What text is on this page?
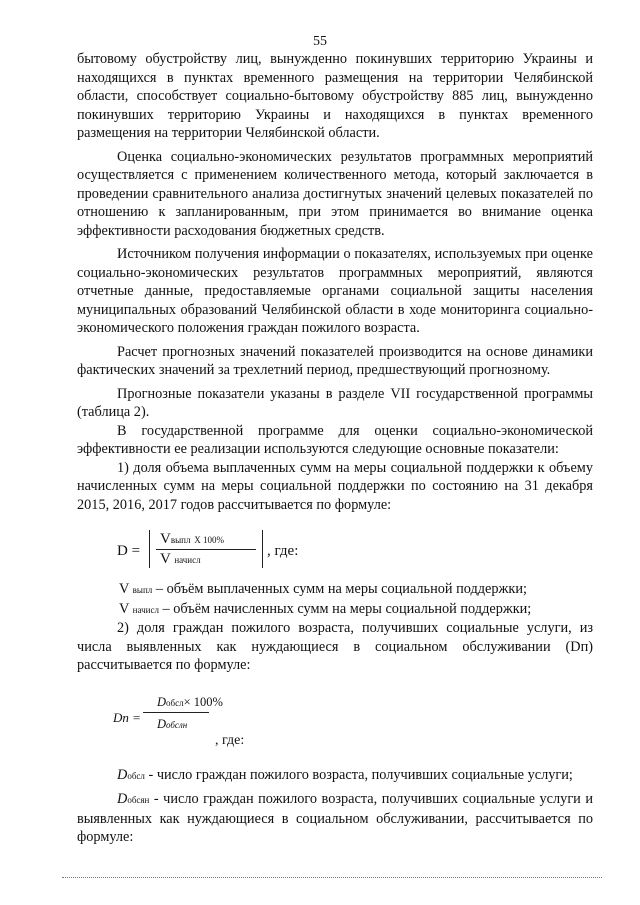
55

бытовому обустройству лиц, вынужденно покинувших территорию Украины и находящихся в пунктах временного размещения на территории Челябинской области, способствует социально-бытовому обустройству 885 лиц, вынужденно покинувших территорию Украины и находящихся в пунктах временного размещения на территории Челябинской области.

Оценка социально-экономических результатов программных мероприятий осуществляется с применением количественного метода, который заключается в проведении сравнительного анализа достигнутых значений целевых показателей по отношению к запланированным, при этом принимается во внимание оценка эффективности расходования бюджетных средств.

Источником получения информации о показателях, используемых при оценке социально-экономических результатов программных мероприятий, являются отчетные данные, предоставляемые органами социальной защиты населения муниципальных образований Челябинской области в ходе мониторинга социально-экономического положения граждан пожилого возраста.

Расчет прогнозных значений показателей производится на основе динамики фактических значений за трехлетний период, предшествующий прогнозному.

Прогнозные показатели указаны в разделе VII государственной программы (таблица 2).

В государственной программе для оценки социально-экономической эффективности ее реализации используются следующие основные показатели:

1) доля объема выплаченных сумм на меры социальной поддержки к объему начисленных сумм на меры социальной поддержки по состоянию на 31 декабря 2015, 2016, 2017 годов рассчитывается по формуле:

D =
Vвыпл Х 100%
V начисл
, где:

V выпл – объём выплаченных сумм на меры социальной поддержки;

V начисл – объём начисленных сумм на меры социальной поддержки;

2) доля граждан пожилого возраста, получивших социальные услуги, из числа выявленных как нуждающиеся в социальном обслуживании (Dп) рассчитывается по формуле:

Dп =
Dобсл× 100%
Dобслн
, где:

Dобсл - число граждан пожилого возраста, получивших социальные услуги;

Dобсян - число граждан пожилого возраста, получивших социальные услуги и выявленных как нуждающиеся в социальном обслуживании, рассчитывается по формуле:
